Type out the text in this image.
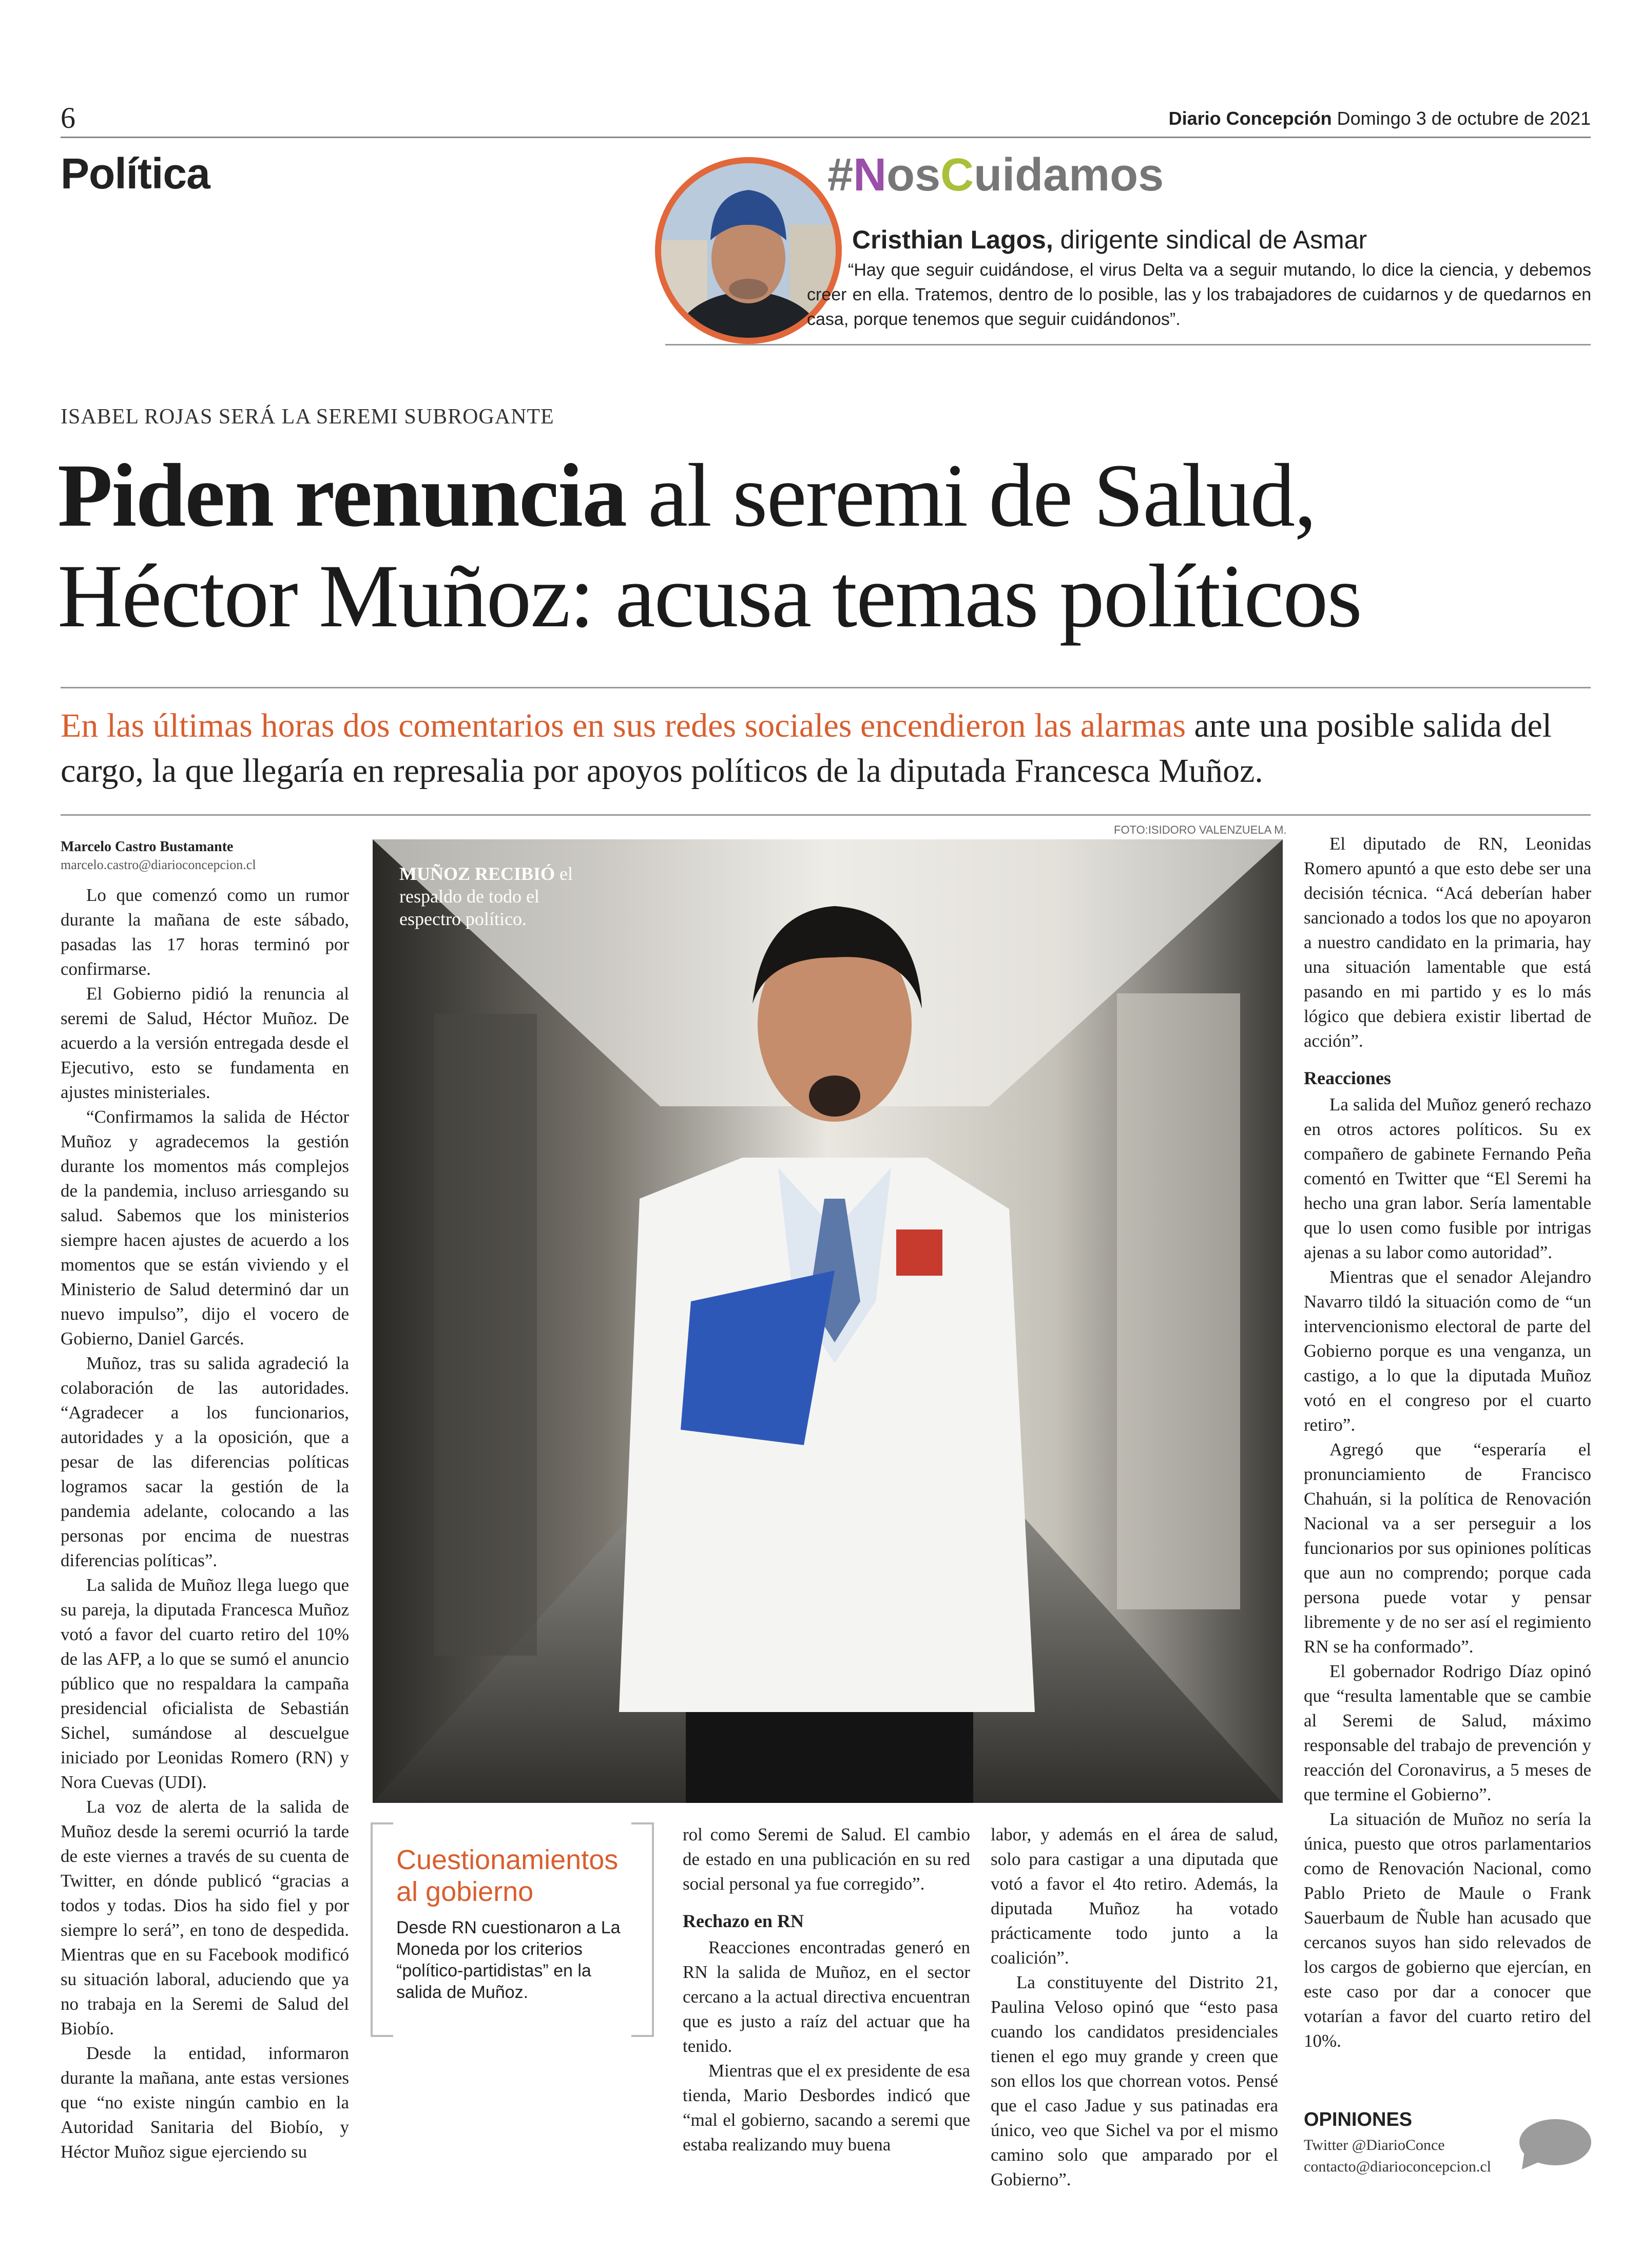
6	Diario Concepción Domingo 3 de octubre de 2021
Política	#NosCuidamos
Cristhian Lagos, dirigente sindical de Asmar
“Hay que seguir cuidándose, el virus Delta va a seguir mutando, lo dice la ciencia, y debemos creer en ella. Tratemos, dentro de lo posible, las y los trabajadores de cuidarnos y de quedarnos en casa, porque tenemos que seguir cuidándonos”.
ISABEL ROJAS SERÁ LA SEREMI SUBROGANTE
Piden renuncia al seremi de Salud,
Héctor Muñoz: acusa temas políticos
En las últimas horas dos comentarios en sus redes sociales encendieron las alarmas ante una posible salida del cargo, la que llegaría en represalia por apoyos políticos de la diputada Francesca Muñoz.
Marcelo Castro Bustamante
marcelo.castro@diarioconcepcion.cl

Lo que comenzó como un rumor durante la mañana de este sábado, pasadas las 17 horas terminó por confirmarse.

El Gobierno pidió la renuncia al seremi de Salud, Héctor Muñoz. De acuerdo a la versión entregada desde el Ejecutivo, esto se fundamenta en ajustes ministeriales.

“Confirmamos la salida de Héctor Muñoz y agradecemos la gestión durante los momentos más complejos de la pandemia, incluso arriesgando su salud. Sabemos que los ministerios siempre hacen ajustes de acuerdo a los momentos que se están viviendo y el Ministerio de Salud determinó dar un nuevo impulso”, dijo el vocero de Gobierno, Daniel Garcés.

Muñoz, tras su salida agradeció la colaboración de las autoridades. “Agradecer a los funcionarios, autoridades y a la oposición, que a pesar de las diferencias políticas logramos sacar la gestión de la pandemia adelante, colocando a las personas por encima de nuestras diferencias políticas”.

La salida de Muñoz llega luego que su pareja, la diputada Francesca Muñoz votó a favor del cuarto retiro del 10% de las AFP, a lo que se sumó el anuncio público que no respaldara la campaña presidencial oficialista de Sebastián Sichel, sumándose al descuelgue iniciado por Leonidas Romero (RN) y Nora Cuevas (UDI).

La voz de alerta de la salida de Muñoz desde la seremi ocurrió la tarde de este viernes a través de su cuenta de Twitter, en dónde publicó “gracias a todos y todas. Dios ha sido fiel y por siempre lo será”, en tono de despedida. Mientras que en su Facebook modificó su situación laboral, aduciendo que ya no trabaja en la Seremi de Salud del Biobío.

Desde la entidad, informaron durante la mañana, ante estas versiones que “no existe ningún cambio en la Autoridad Sanitaria del Biobío, y Héctor Muñoz sigue ejerciendo su

FOTO:ISIDORO VALENZUELA M.
MUÑOZ RECIBIÓ el respaldo de todo el espectro político.
Cuestionamientos al gobierno
Desde RN cuestionaron a La Moneda por los criterios “político-partidistas” en la salida de Muñoz.

rol como Seremi de Salud. El cambio de estado en una publicación en su red social personal ya fue corregido”.

Rechazo en RN

Reacciones encontradas generó en RN la salida de Muñoz, en el sector cercano a la actual directiva encuentran que es justo a raíz del actuar que ha tenido.

Mientras que el ex presidente de esa tienda, Mario Desbordes indicó que “mal el gobierno, sacando a seremi que estaba realizando muy buena

labor, y además en el área de salud, solo para castigar a una diputada que votó a favor el 4to retiro. Además, la diputada Muñoz ha votado prácticamente todo junto a la coalición”.

La constituyente del Distrito 21, Paulina Veloso opinó que “esto pasa cuando los candidatos presidenciales tienen el ego muy grande y creen que son ellos los que chorrean votos. Pensé que el caso Jadue y sus patinadas era único, veo que Sichel va por el mismo camino solo que amparado por el Gobierno”.

El diputado de RN, Leonidas Romero apuntó a que esto debe ser una decisión técnica. “Acá deberían haber sancionado a todos los que no apoyaron a nuestro candidato en la primaria, hay una situación lamentable que está pasando en mi partido y es lo más lógico que debiera existir libertad de acción”.

Reacciones

La salida del Muñoz generó rechazo en otros actores políticos. Su ex compañero de gabinete Fernando Peña comentó en Twitter que “El Seremi ha hecho una gran labor. Sería lamentable que lo usen como fusible por intrigas ajenas a su labor como autoridad”.

Mientras que el senador Alejandro Navarro tildó la situación como de “un intervencionismo electoral de parte del Gobierno porque es una venganza, un castigo, a lo que la diputada Muñoz votó en el congreso por el cuarto retiro”.

Agregó que “esperaría el pronunciamiento de Francisco Chahuán, si la política de Renovación Nacional va a ser perseguir a los funcionarios por sus opiniones políticas que aun no comprendo; porque cada persona puede votar y pensar libremente y de no ser así el regimiento RN se ha conformado”.

El gobernador Rodrigo Díaz opinó que “resulta lamentable que se cambie al Seremi de Salud, máximo responsable del trabajo de prevención y reacción del Coronavirus, a 5 meses de que termine el Gobierno”.

La situación de Muñoz no sería la única, puesto que otros parlamentarios como de Renovación Nacional, como Pablo Prieto de Maule o Frank Sauerbaum de Ñuble han acusado que cercanos suyos han sido relevados de los cargos de gobierno que ejercían, en este caso por dar a conocer que votarían a favor del cuarto retiro del 10%.

OPINIONES
Twitter @DiarioConce
contacto@diarioconcepcion.cl
